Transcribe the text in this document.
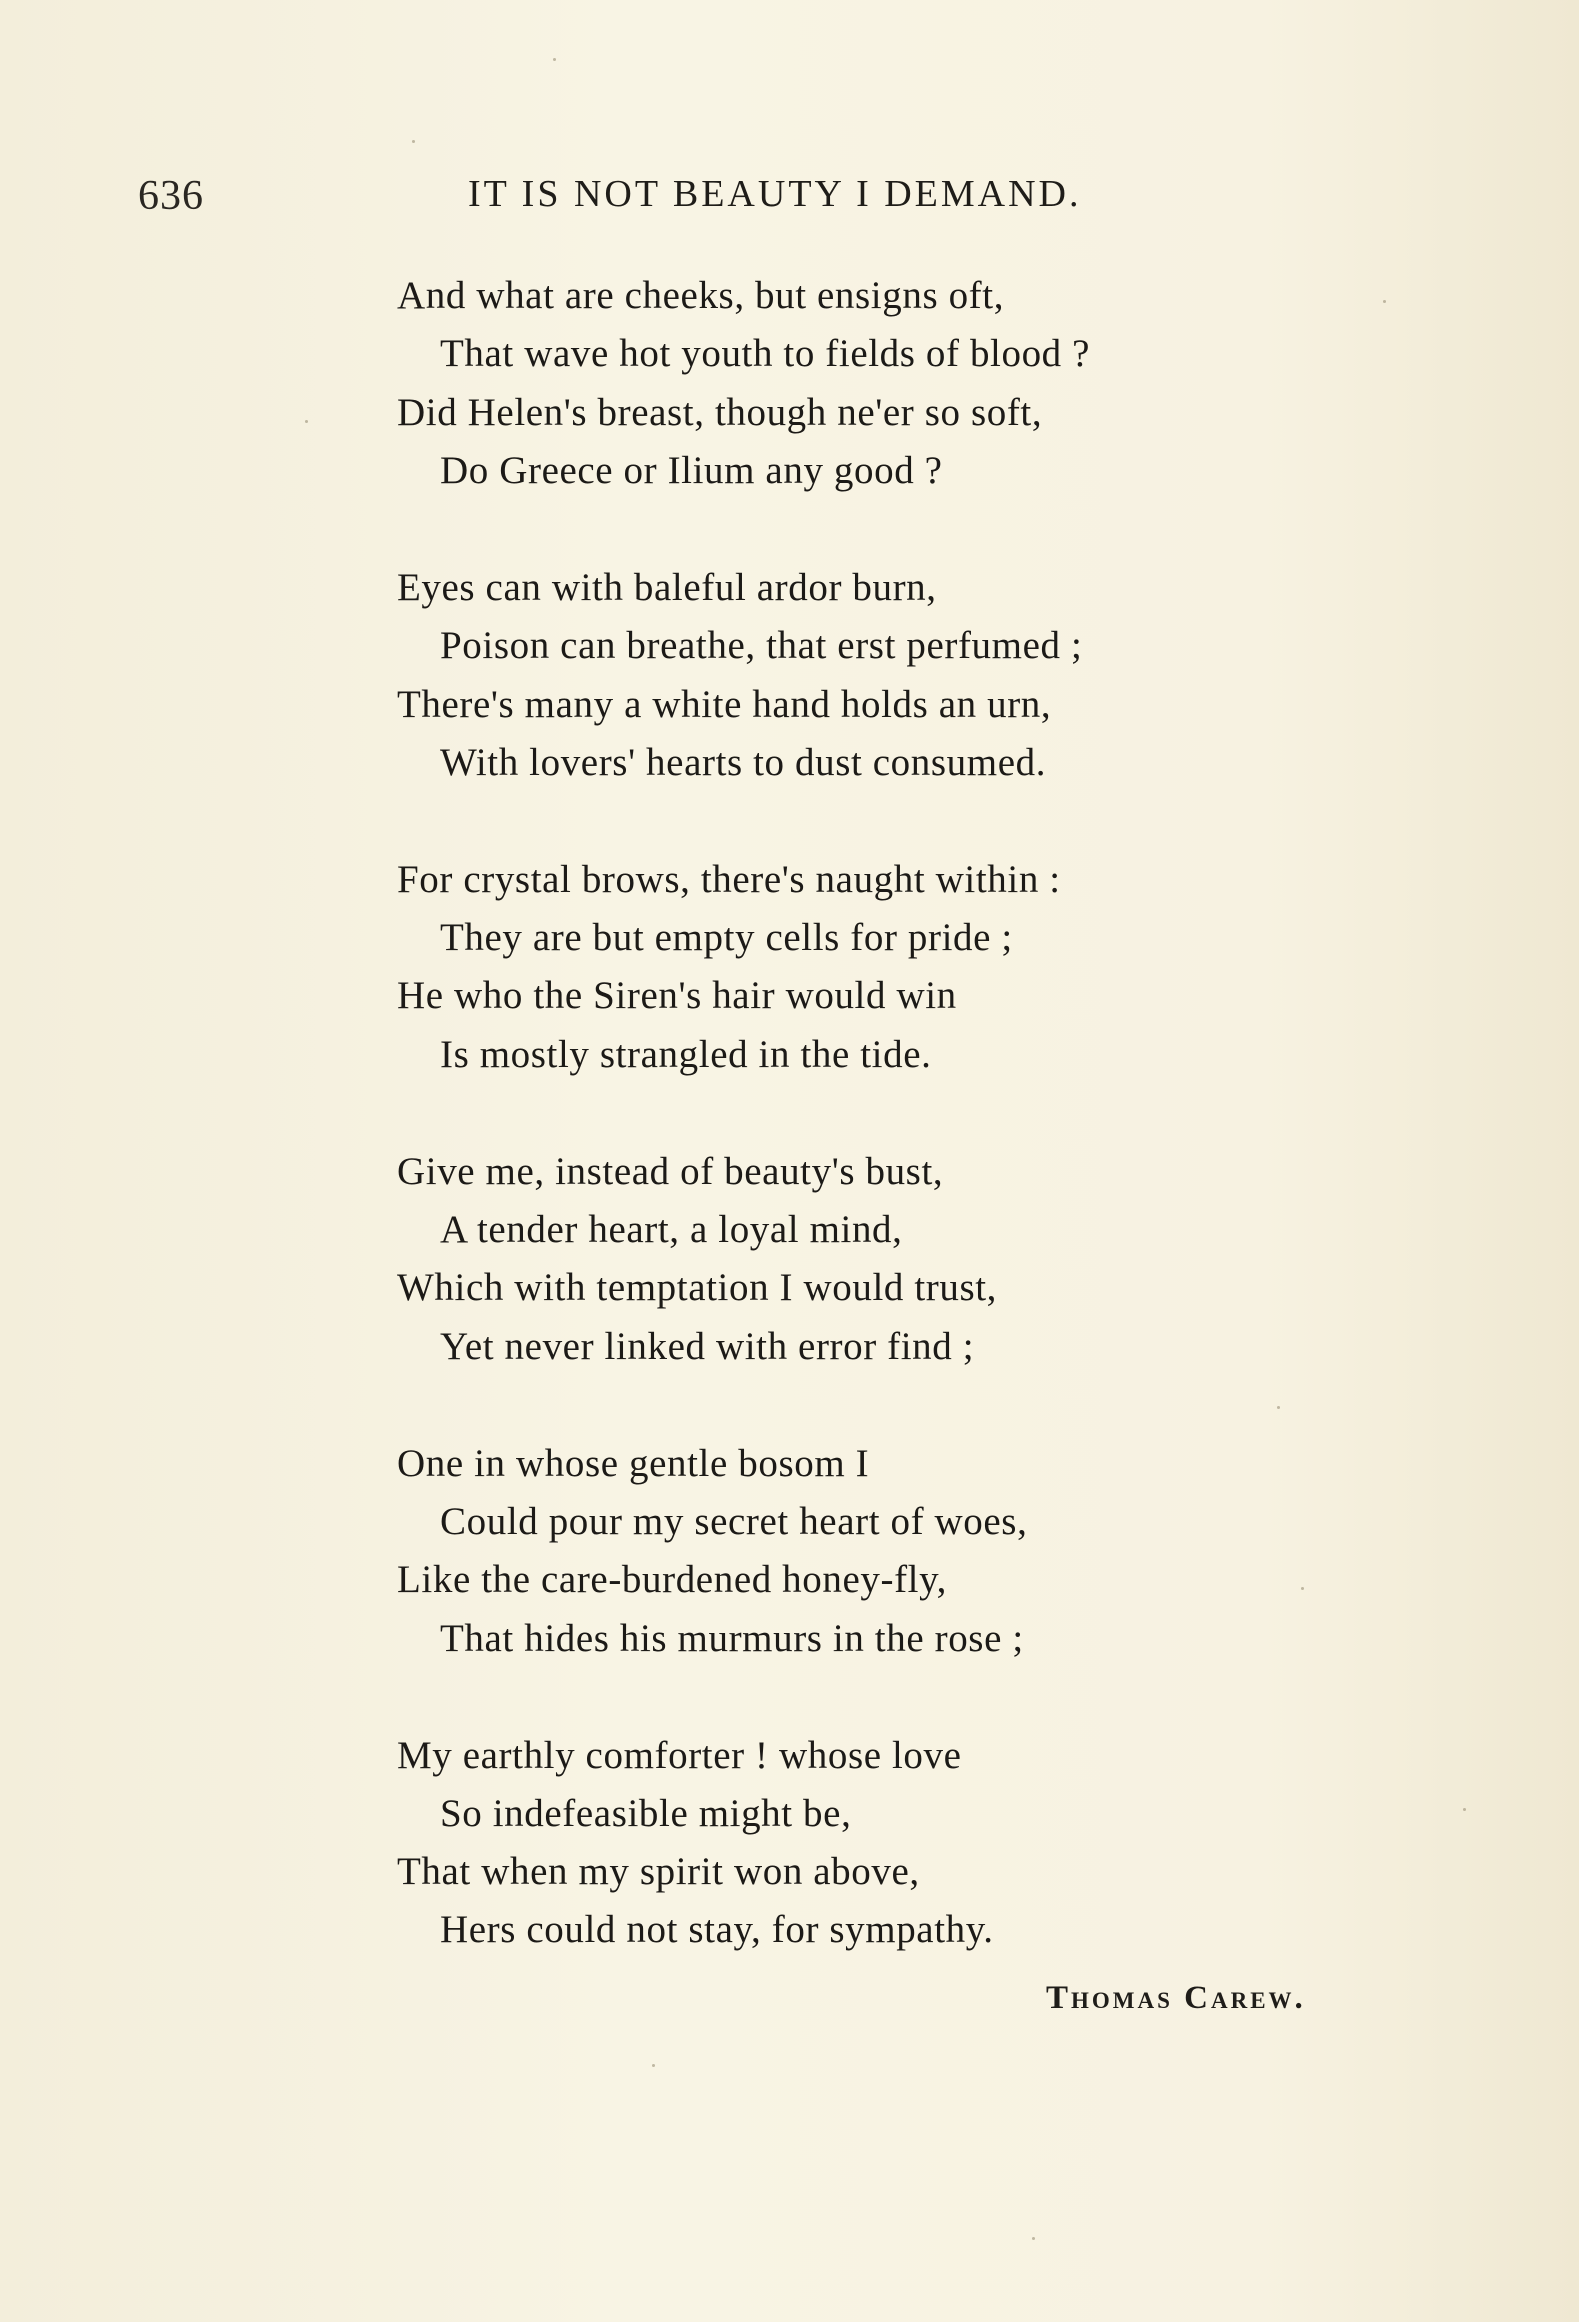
636	IT IS NOT BEAUTY I DEMAND.
And what are cheeks, but ensigns oft,
That wave hot youth to fields of blood ?
Did Helen's breast, though ne'er so soft,
Do Greece or Ilium any good ?
Eyes can with baleful ardor burn,
Poison can breathe, that erst perfumed ;
There's many a white hand holds an urn,
With lovers' hearts to dust consumed.
For crystal brows, there's naught within :
They are but empty cells for pride ;
He who the Siren's hair would win
Is mostly strangled in the tide.
Give me, instead of beauty's bust,
A tender heart, a loyal mind,
Which with temptation I would trust,
Yet never linked with error find ;
One in whose gentle bosom I
Could pour my secret heart of woes,
Like the care-burdened honey-fly,
That hides his murmurs in the rose ;
My earthly comforter ! whose love
So indefeasible might be,
That when my spirit won above,
Hers could not stay, for sympathy.
Thomas Carew.
